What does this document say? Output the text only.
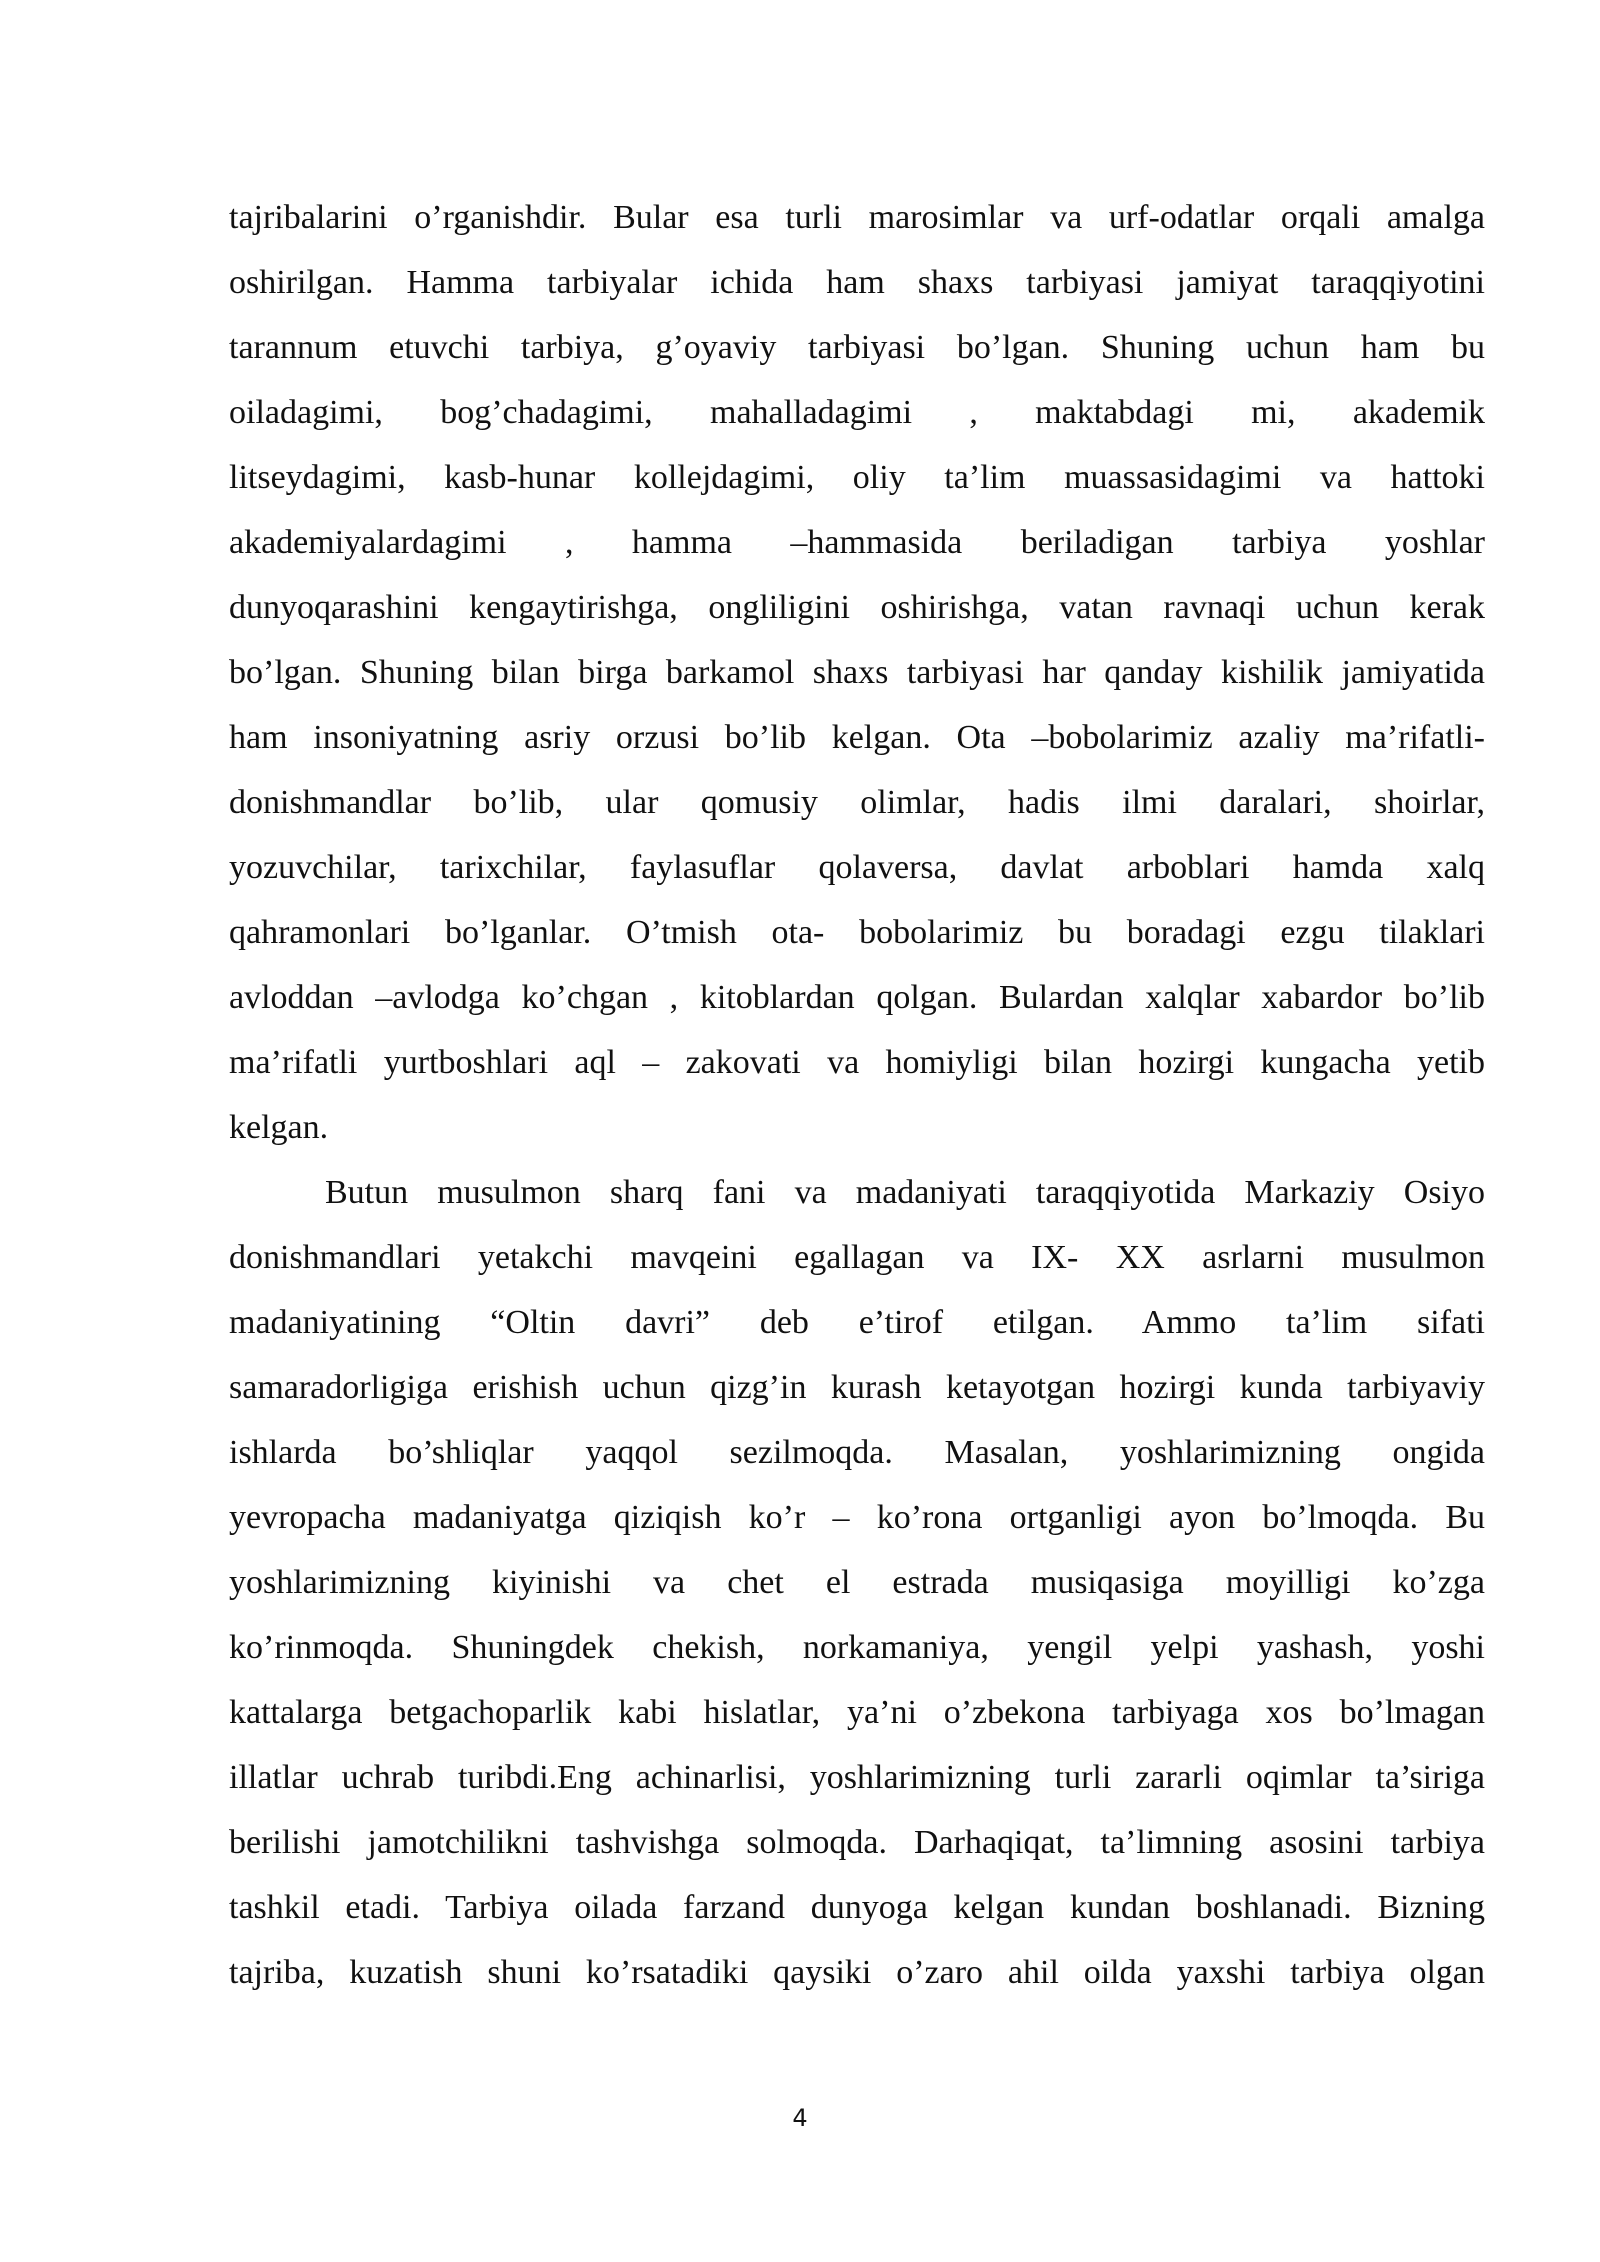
tajribalarini o’rganishdir. Bular esa turli marosimlar va urf-odatlar orqali amalga
oshirilgan. Hamma tarbiyalar ichida ham shaxs tarbiyasi jamiyat taraqqiyotini
tarannum etuvchi tarbiya, g’oyaviy tarbiyasi bo’lgan. Shuning uchun ham bu
oiladagimi, bog’chadagimi, mahalladagimi , maktabdagi mi, akademik
litseydagimi, kasb-hunar kollejdagimi, oliy ta’lim muassasidagimi va hattoki
akademiyalardagimi , hamma –hammasida beriladigan tarbiya yoshlar
dunyoqarashini kengaytirishga, ongliligini oshirishga, vatan ravnaqi uchun kerak
bo’lgan. Shuning bilan birga barkamol shaxs tarbiyasi har qanday kishilik jamiyatida
ham insoniyatning asriy orzusi bo’lib kelgan. Ota –bobolarimiz azaliy ma’rifatli-
donishmandlar bo’lib, ular qomusiy olimlar, hadis ilmi daralari, shoirlar,
yozuvchilar, tarixchilar, faylasuflar qolaversa, davlat arboblari hamda xalq
qahramonlari bo’lganlar. O’tmish ota- bobolarimiz bu boradagi ezgu tilaklari
avloddan –avlodga ko’chgan , kitoblardan qolgan. Bulardan xalqlar xabardor bo’lib
ma’rifatli yurtboshlari aql – zakovati va homiyligi bilan hozirgi kungacha yetib
kelgan.
Butun musulmon sharq fani va madaniyati taraqqiyotida Markaziy Osiyo
donishmandlari yetakchi mavqeini egallagan va IX- XX asrlarni musulmon
madaniyatining “Oltin davri” deb e’tirof etilgan. Ammo ta’lim sifati
samaradorligiga erishish uchun qizg’in kurash ketayotgan hozirgi kunda tarbiyaviy
ishlarda bo’shliqlar yaqqol sezilmoqda. Masalan, yoshlarimizning ongida
yevropacha madaniyatga qiziqish ko’r – ko’rona ortganligi ayon bo’lmoqda. Bu
yoshlarimizning kiyinishi va chet el estrada musiqasiga moyilligi ko’zga
ko’rinmoqda. Shuningdek chekish, norkamaniya, yengil yelpi yashash, yoshi
kattalarga betgachoparlik kabi hislatlar, ya’ni o’zbekona tarbiyaga xos bo’lmagan
illatlar uchrab turibdi.Eng achinarlisi, yoshlarimizning turli zararli oqimlar ta’siriga
berilishi jamotchilikni tashvishga solmoqda. Darhaqiqat, ta’limning asosini tarbiya
tashkil etadi. Tarbiya oilada farzand dunyoga kelgan kundan boshlanadi. Bizning
tajriba, kuzatish shuni ko’rsatadiki qaysiki o’zaro ahil oilda yaxshi tarbiya olgan
4
